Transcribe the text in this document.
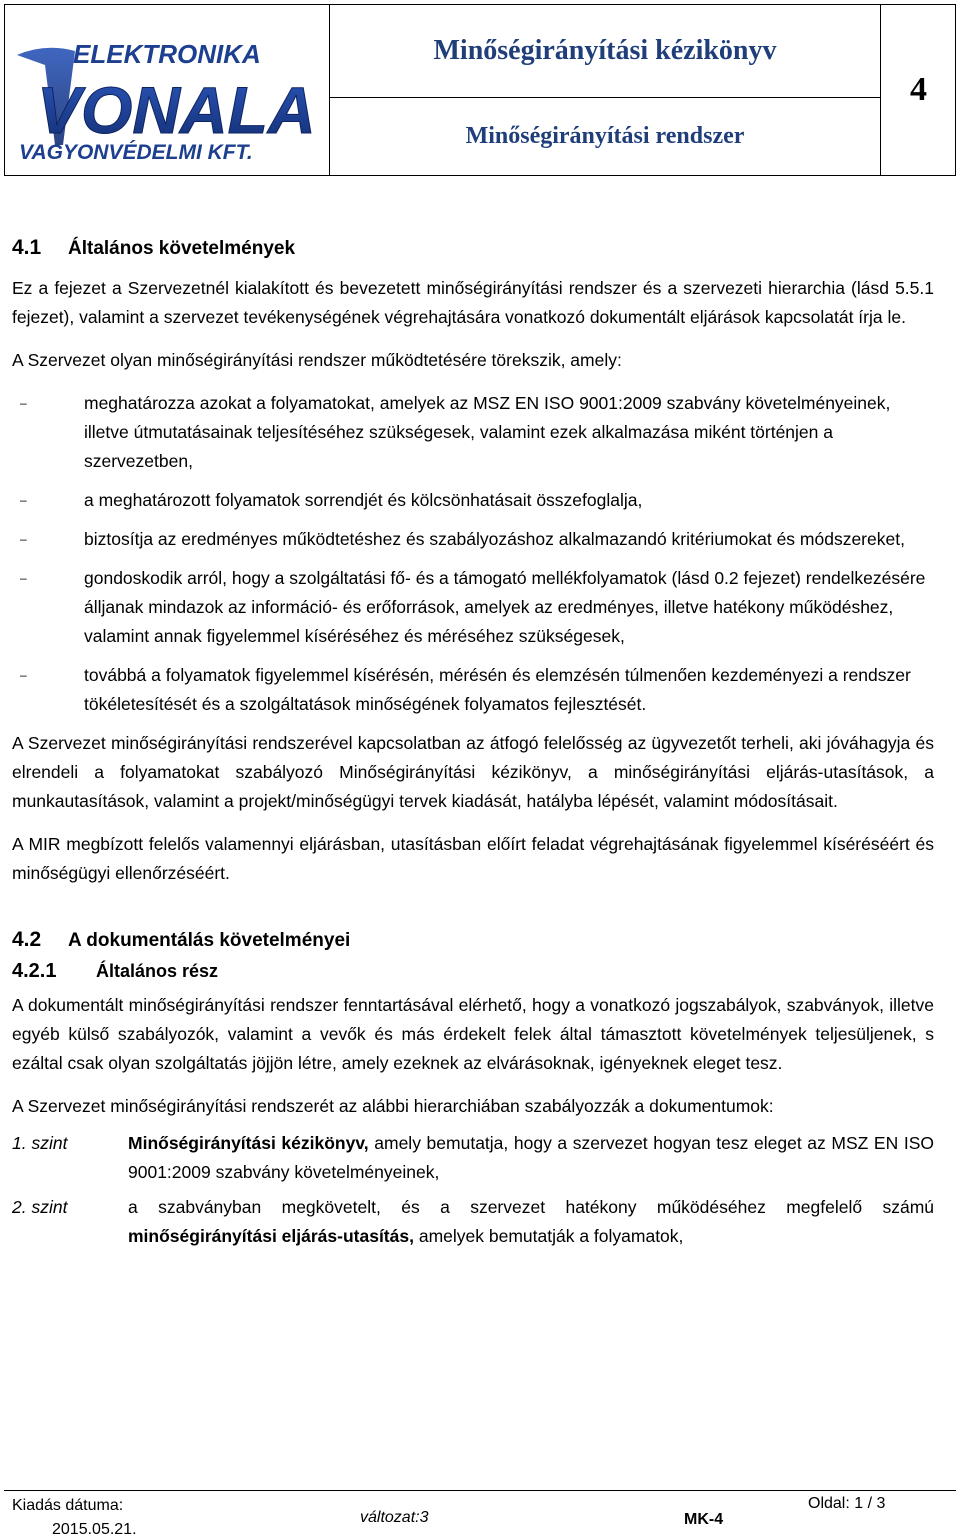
ELEKTRONIKA
VONALA
VAGYONVÉDELMI KFT.
Minőségirányítási kézikönyv
Minőségirányítási rendszer
4
4.1	Általános követelmények

Ez a fejezet a Szervezetnél kialakított és bevezetett minőségirányítási rendszer és a szervezeti hierarchia (lásd 5.5.1 fejezet), valamint a szervezet tevékenységének végrehajtására vonatkozó dokumentált eljárások kapcsolatát írja le.

A Szervezet olyan minőségirányítási rendszer működtetésére törekszik, amely:

–	meghatározza azokat a folyamatokat, amelyek az MSZ EN ISO 9001:2009 szabvány követelményeinek, illetve útmutatásainak teljesítéséhez szükségesek, valamint ezek alkalmazása miként történjen a szervezetben,
–	a meghatározott folyamatok sorrendjét és kölcsönhatásait összefoglalja,
–	biztosítja az eredményes működtetéshez és szabályozáshoz alkalmazandó kritériumokat és módszereket,
–	gondoskodik arról, hogy a szolgáltatási fő- és a támogató mellékfolyamatok (lásd 0.2 fejezet) rendelkezésére álljanak mindazok az információ- és erőforrások, amelyek az eredményes, illetve hatékony működéshez, valamint annak figyelemmel kíséréséhez és méréséhez szükségesek,
–	továbbá a folyamatok figyelemmel kísérésén, mérésén és elemzésén túlmenően kezdeményezi a rendszer tökéletesítését és a szolgáltatások minőségének folyamatos fejlesztését.

A Szervezet minőségirányítási rendszerével kapcsolatban az átfogó felelősség az ügyvezetőt terheli, aki jóváhagyja és elrendeli a folyamatokat szabályozó Minőségirányítási kézikönyv, a minőségirányítási eljárás-utasítások, a munkautasítások, valamint a projekt/minőségügyi tervek kiadását, hatályba lépését, valamint módosításait.

A MIR megbízott felelős valamennyi eljárásban, utasításban előírt feladat végrehajtásának figyelemmel kíséréséért és minőségügyi ellenőrzéséért.

4.2	A dokumentálás követelményei
4.2.1	Általános rész

A dokumentált minőségirányítási rendszer fenntartásával elérhető, hogy a vonatkozó jogszabályok, szabványok, illetve egyéb külső szabályozók, valamint a vevők és más érdekelt felek által támasztott követelmények teljesüljenek, s ezáltal csak olyan szolgáltatás jöjjön létre, amely ezeknek az elvárásoknak, igényeknek eleget tesz.

A Szervezet minőségirányítási rendszerét az alábbi hierarchiában szabályozzák a dokumentumok:

1. szint	Minőségirányítási kézikönyv, amely bemutatja, hogy a szervezet hogyan tesz eleget az MSZ EN ISO 9001:2009 szabvány követelményeinek,
2. szint	a szabványban megkövetelt, és a szervezet hatékony működéséhez megfelelő számú minőségirányítási eljárás-utasítás, amelyek bemutatják a folyamatok,
Kiadás dátuma:
2015.05.21.
változat:3	MK-4
Oldal: 1 / 3
